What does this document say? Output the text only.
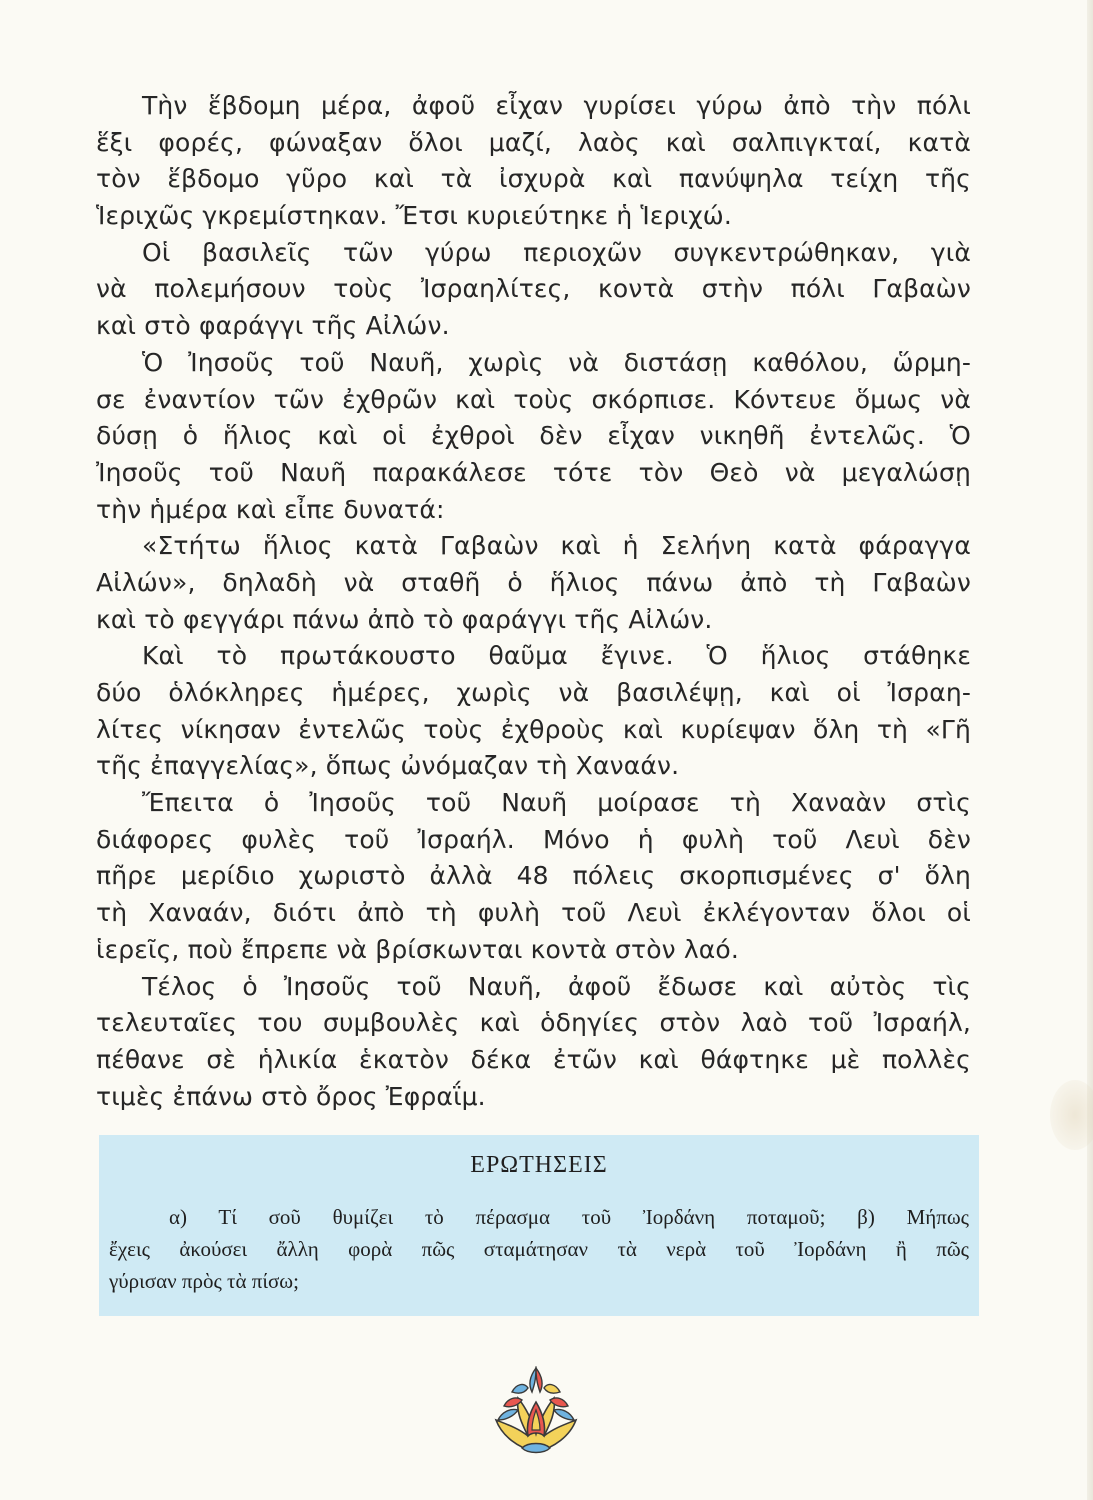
Τὴν ἕβδομη μέρα, ἀφοῦ εἶχαν γυρίσει γύρω ἀπὸ τὴν πόλι
ἕξι φορές, φώναξαν ὅλοι μαζί, λαὸς καὶ σαλπιγκταί, κατὰ
τὸν ἕβδομο γῦρο καὶ τὰ ἰσχυρὰ καὶ πανύψηλα τείχη τῆς
Ἱεριχῶς γκρεμίστηκαν. Ἔτσι κυριεύτηκε ἡ Ἱεριχώ.
Οἱ βασιλεῖς τῶν γύρω περιοχῶν συγκεντρώθηκαν, γιὰ
νὰ πολεμήσουν τοὺς Ἰσραηλίτες, κοντὰ στὴν πόλι Γαβαὼν
καὶ στὸ φαράγγι τῆς Αἰλών.
Ὁ Ἰησοῦς τοῦ Ναυῆ, χωρὶς νὰ διστάσῃ καθόλου, ὥρμη-
σε ἐναντίον τῶν ἐχθρῶν καὶ τοὺς σκόρπισε. Κόντευε ὅμως νὰ
δύσῃ ὁ ἥλιος καὶ οἱ ἐχθροὶ δὲν εἶχαν νικηθῆ ἐντελῶς. Ὁ
Ἰησοῦς τοῦ Ναυῆ παρακάλεσε τότε τὸν Θεὸ νὰ μεγαλώσῃ
τὴν ἡμέρα καὶ εἶπε δυνατά:
«Στήτω ἥλιος κατὰ Γαβαὼν καὶ ἡ Σελήνη κατὰ φάραγγα
Αἰλών», δηλαδὴ νὰ σταθῆ ὁ ἥλιος πάνω ἀπὸ τὴ Γαβαὼν
καὶ τὸ φεγγάρι πάνω ἀπὸ τὸ φαράγγι τῆς Αἰλών.
Καὶ τὸ πρωτάκουστο θαῦμα ἔγινε. Ὁ ἥλιος στάθηκε
δύο ὁλόκληρες ἡμέρες, χωρὶς νὰ βασιλέψῃ, καὶ οἱ Ἰσραη-
λίτες νίκησαν ἐντελῶς τοὺς ἐχθροὺς καὶ κυρίεψαν ὅλη τὴ «Γῆ
τῆς ἐπαγγελίας», ὅπως ὠνόμαζαν τὴ Χαναάν.
Ἔπειτα ὁ Ἰησοῦς τοῦ Ναυῆ μοίρασε τὴ Χαναὰν στὶς
διάφορες φυλὲς τοῦ Ἰσραήλ. Μόνο ἡ φυλὴ τοῦ Λευὶ δὲν
πῆρε μερίδιο χωριστὸ ἀλλὰ 48 πόλεις σκορπισμένες σ' ὅλη
τὴ Χαναάν, διότι ἀπὸ τὴ φυλὴ τοῦ Λευὶ ἐκλέγονταν ὅλοι οἱ
ἱερεῖς, ποὺ ἔπρεπε νὰ βρίσκωνται κοντὰ στὸν λαό.
Τέλος ὁ Ἰησοῦς τοῦ Ναυῆ, ἀφοῦ ἔδωσε καὶ αὐτὸς τὶς
τελευταῖες του συμβουλὲς καὶ ὁδηγίες στὸν λαὸ τοῦ Ἰσραήλ,
πέθανε σὲ ἡλικία ἑκατὸν δέκα ἐτῶν καὶ θάφτηκε μὲ πολλὲς
τιμὲς ἐπάνω στὸ ὄρος Ἐφραΐμ.
ΕΡΩΤΗΣΕΙΣ
α) Τί σοῦ θυμίζει τὸ πέρασμα τοῦ Ἰορδάνη ποταμοῦ; β) Μήπως
ἔχεις ἀκούσει ἄλλη φορὰ πῶς σταμάτησαν τὰ νερὰ τοῦ Ἰορδάνη ἢ πῶς
γύρισαν πρὸς τὰ πίσω;
